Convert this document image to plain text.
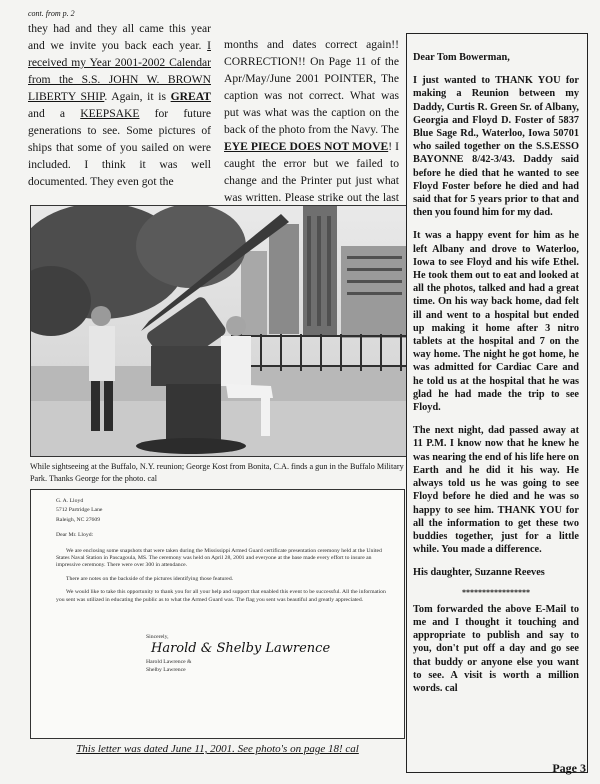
cont. from p. 2
they had and they all came this year and we invite you back each year. I received my Year 2001-2002 Calendar from the S.S. JOHN W. BROWN LIBERTY SHIP. Again, it is GREAT and a KEEPSAKE for future generations to see. Some pictures of ships that some of you sailed on were included. I think it was well documented. They even got the
months and dates correct again!! CORRECTION!! On Page 11 of the Apr/May/June 2001 POINTER, The caption was not correct. What was put was what was the caption on the back of the photo from the Navy. The EYE PIECE DOES NOT MOVE! I caught the error but we failed to change and the Printer put just what was written. Please strike out the last
While sightseeing at the Buffalo, N.Y. reunion; George Kost from Bonita, C.A. finds a gun in the Buffalo Military Park. Thanks George for the photo. cal
G. A. Lloyd
5712 Partridge Lane
Raleigh, NC 27609
Dear Mr. Lloyd:

We are enclosing some snapshots that were taken during the Mississippi Armed Guard certificate presentation ceremony held at the United States Naval Station in Pascagoula, MS. The ceremony was held on April 28, 2001 and everyone at the base made every effort to insure an impressive ceremony. There were over 300 in attendance.

There are notes on the backside of the pictures identifying those featured.

We would like to take this opportunity to thank you for all your help and support that enabled this event to be successful. All the information you sent was utilized in educating the public as to what the Armed Guard was. The flag you sent was beautiful and greatly appreciated.

Sincerely,
Harold & Shelby Lawrence
Harold Lawrence &
Shelby Lawrence
This letter was dated June 11, 2001. See photo's on page 18! cal

Dear Tom Bowerman,

I just wanted to THANK YOU for making a Reunion between my Daddy, Curtis R. Green Sr. of Albany, Georgia and Floyd D. Foster of 5837 Blue Sage Rd., Waterloo, Iowa 50701 who sailed together on the S.S.ESSO BAYONNE 8/42-3/43. Daddy said before he died that he wanted to see Floyd Foster before he died and had said that for 5 years prior to that and then you found him for my dad.

It was a happy event for him as he left Albany and drove to Waterloo, Iowa to see Floyd and his wife Ethel. He took them out to eat and looked at all the photos, talked and had a great time. On his way back home, dad felt ill and went to a hospital but ended up making it home after 3 nitro tablets at the hospital and 7 on the way home. The night he got home, he was admitted for Cardiac Care and he told us at the hospital that he was glad he had made the trip to see Floyd.

The next night, dad passed away at 11 P.M. I know now that he knew he was nearing the end of his life here on Earth and he did it his way. He always told us he was going to see Floyd before he died and he was so happy to see him. THANK YOU for all the information to get these two buddies together, just for a little while. You made a difference.

His daughter, Suzanne Reeves

*****************

Tom forwarded the above E-Mail to me and I thought it touching and appropriate to publish and say to you, don't put off a day and go see that buddy or anyone else you want to see. A visit is worth a million words. cal

Page 3
